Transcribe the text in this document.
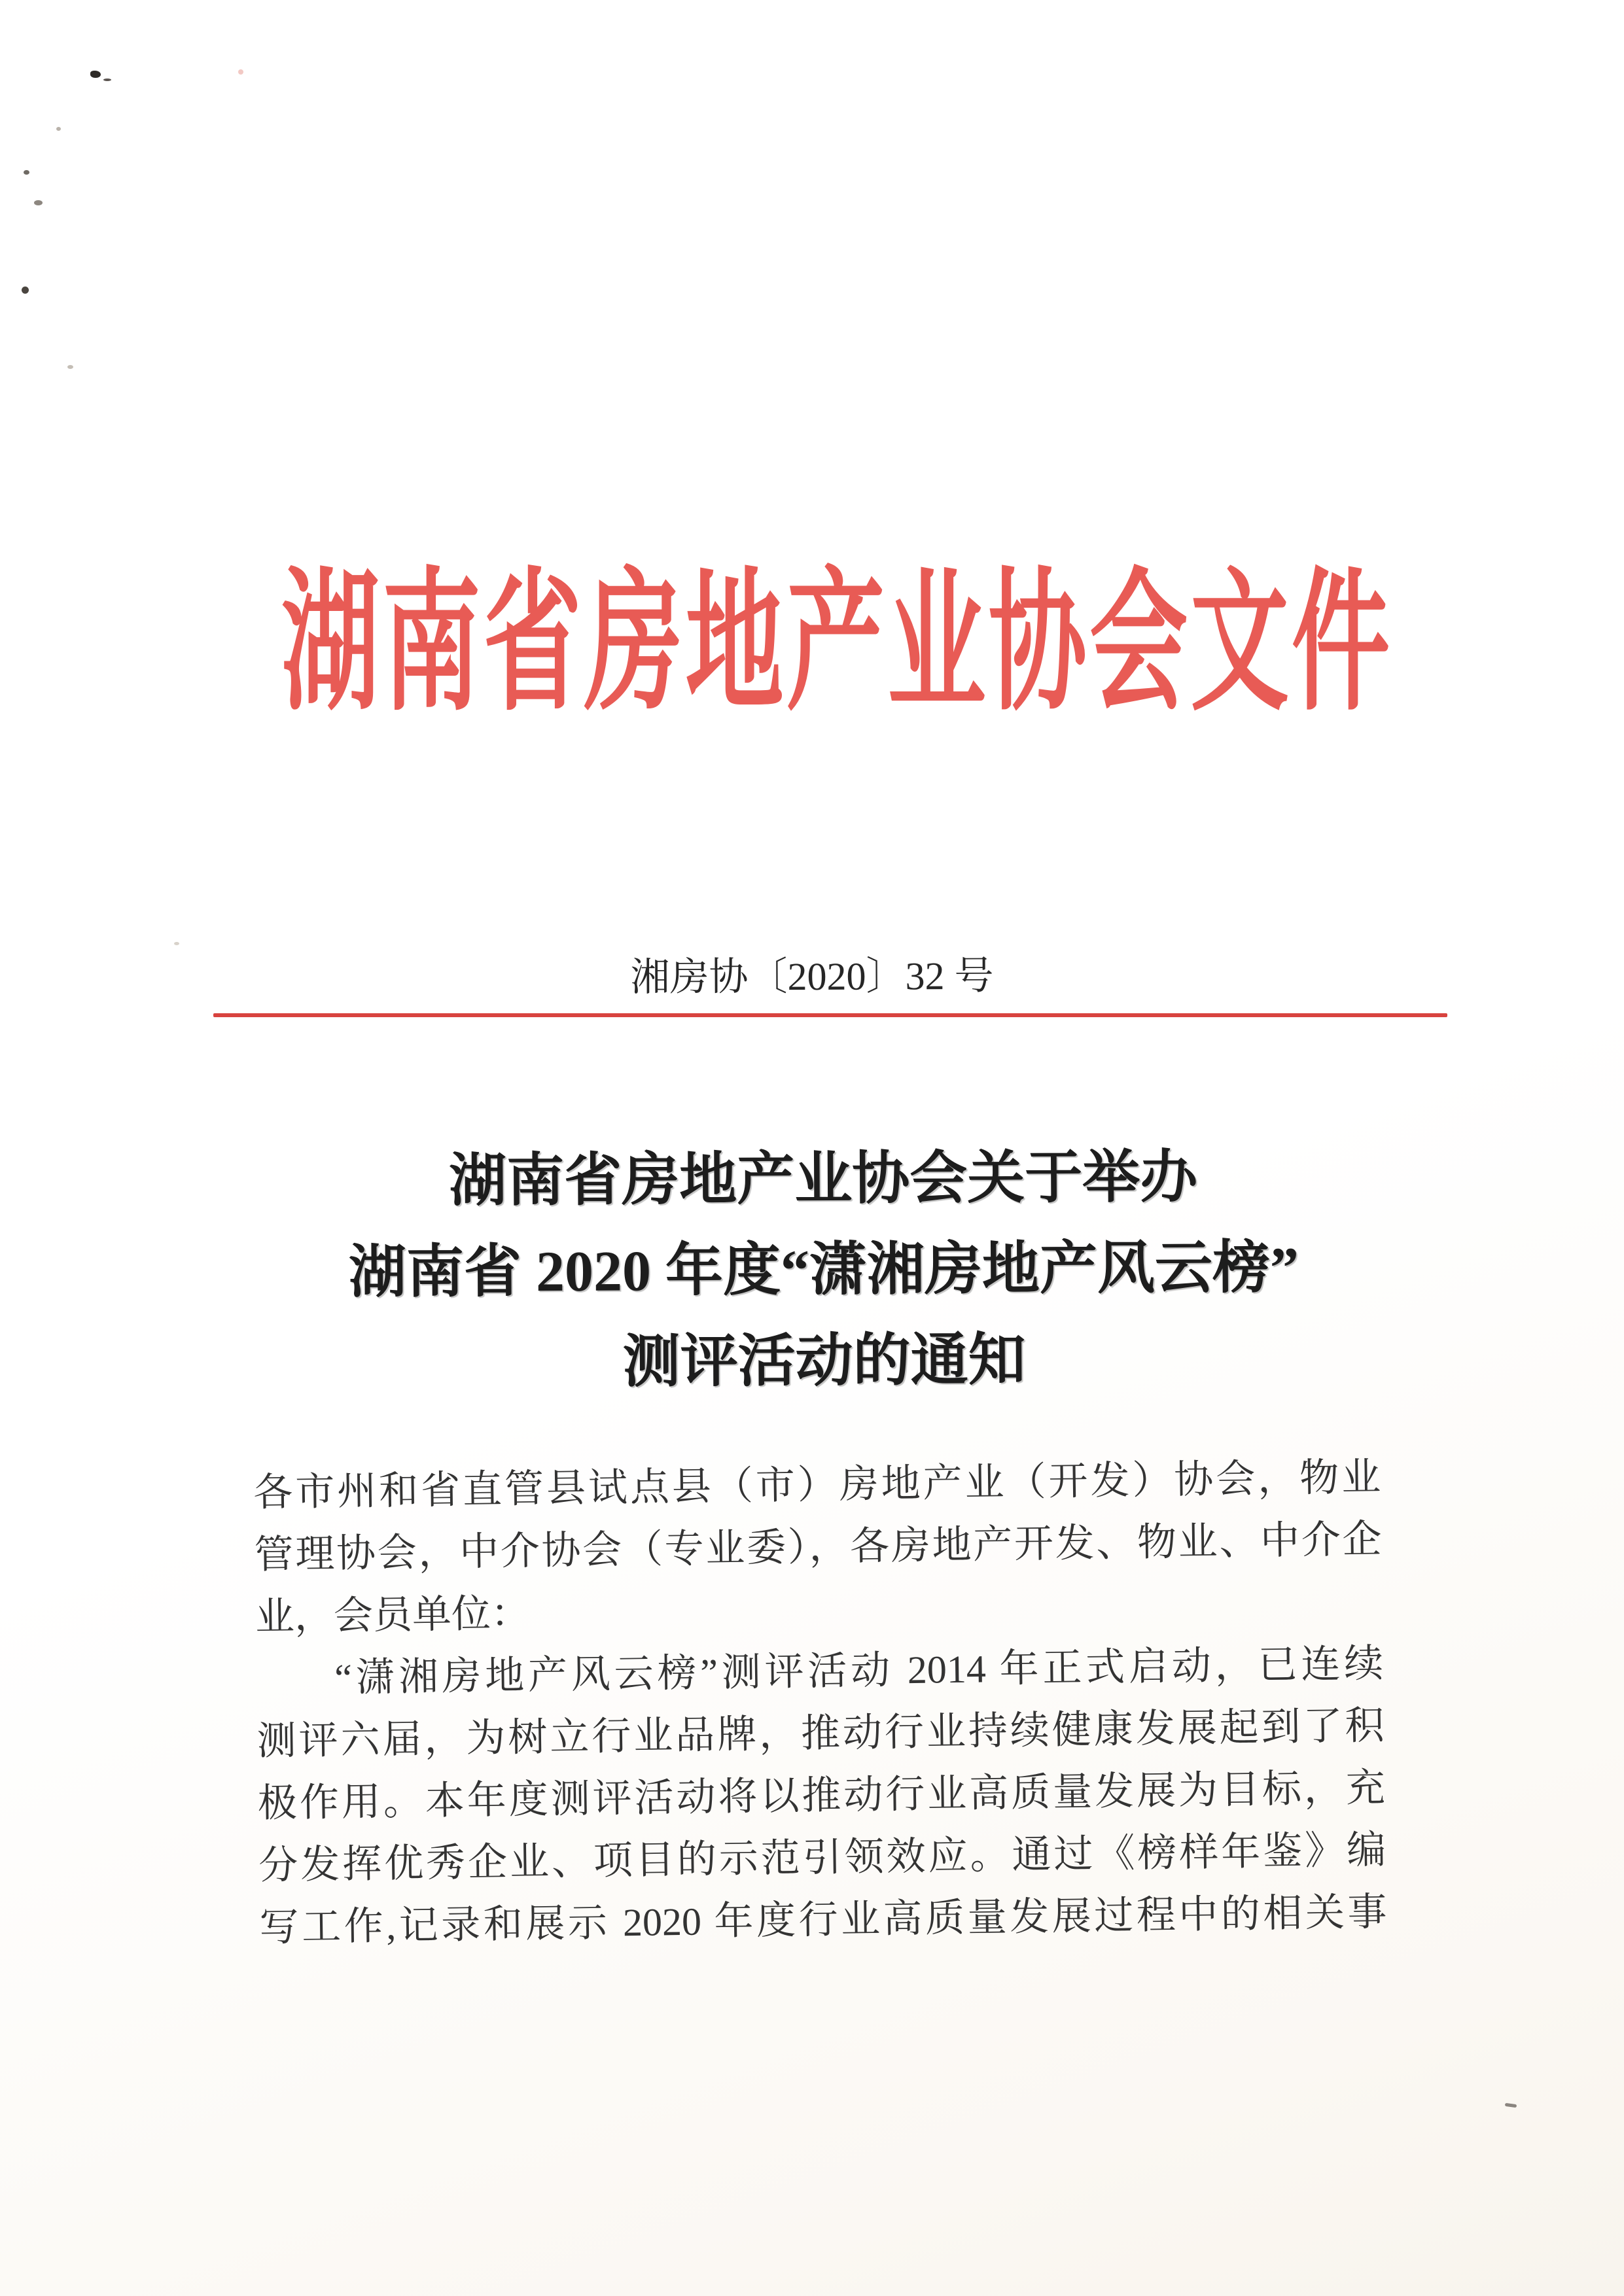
湖南省房地产业协会文件
湘房协〔2020〕32 号
湖南省房地产业协会关于举办
湖南省 2020 年度“潇湘房地产风云榜”
测评活动的通知
各市州和省直管县试点县（市）房地产业（开发）协会，物业
管理协会，中介协会（专业委），各房地产开发、物业、中介企
业，会员单位：
“潇湘房地产风云榜”测评活动 2014 年正式启动，已连续
测评六届，为树立行业品牌，推动行业持续健康发展起到了积
极作用。本年度测评活动将以推动行业高质量发展为目标，充
分发挥优秀企业、项目的示范引领效应。通过《榜样年鉴》编
写工作,记录和展示 2020 年度行业高质量发展过程中的相关事
